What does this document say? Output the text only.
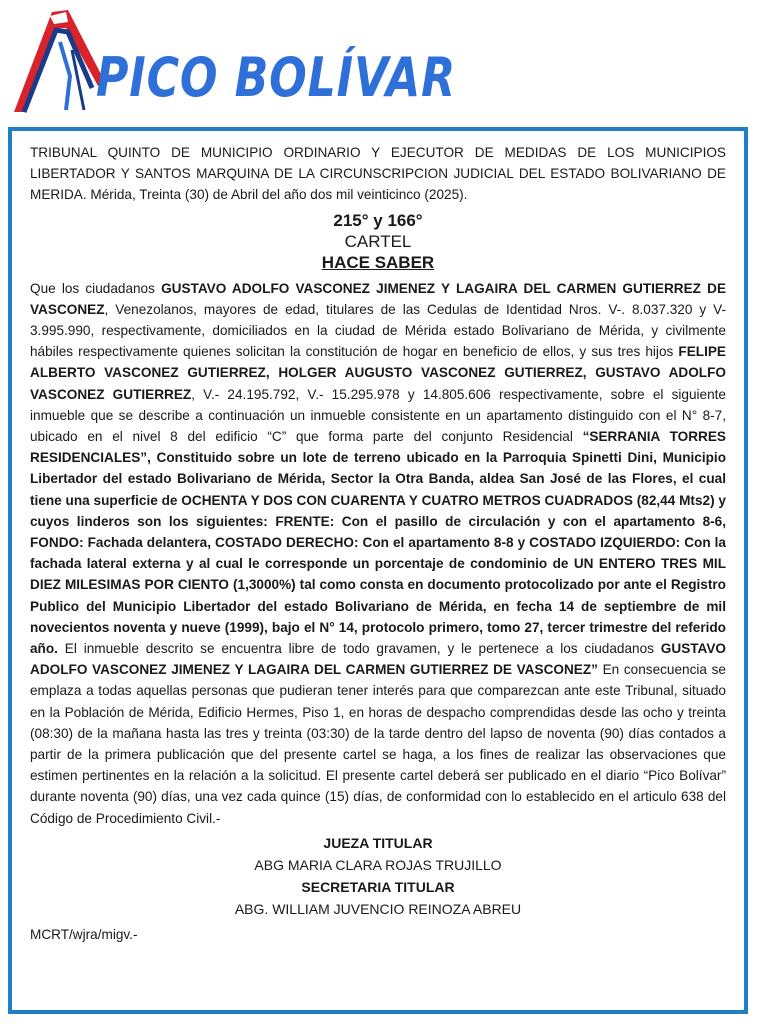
PICO BOLÍVAR

TRIBUNAL QUINTO DE MUNICIPIO ORDINARIO Y EJECUTOR DE MEDIDAS DE LOS MUNICIPIOS LIBERTADOR Y SANTOS MARQUINA DE LA CIRCUNSCRIPCION JUDICIAL DEL ESTADO BOLIVARIANO DE MERIDA. Mérida, Treinta (30) de Abril del año dos mil veinticinco (2025).

215° y 166°
CARTEL
HACE SABER

Que los ciudadanos GUSTAVO ADOLFO VASCONEZ JIMENEZ Y LAGAIRA DEL CARMEN GUTIERREZ DE VASCONEZ, Venezolanos, mayores de edad, titulares de las Cedulas de Identidad Nros. V-. 8.037.320 y V- 3.995.990, respectivamente, domiciliados en la ciudad de Mérida estado Bolivariano de Mérida, y civilmente hábiles respectivamente quienes solicitan la constitución de hogar en beneficio de ellos, y sus tres hijos FELIPE ALBERTO VASCONEZ GUTIERREZ, HOLGER AUGUSTO VASCONEZ GUTIERREZ, GUSTAVO ADOLFO VASCONEZ GUTIERREZ, V.- 24.195.792, V.- 15.295.978 y 14.805.606 respectivamente, sobre el siguiente inmueble que se describe a continuación un inmueble consistente en un apartamento distinguido con el N° 8-7, ubicado en el nivel 8 del edificio “C” que forma parte del conjunto Residencial “SERRANIA TORRES RESIDENCIALES”, Constituido sobre un lote de terreno ubicado en la Parroquia Spinetti Dini, Municipio Libertador del estado Bolivariano de Mérida, Sector la Otra Banda, aldea San José de las Flores, el cual tiene una superficie de OCHENTA Y DOS CON CUARENTA Y CUATRO METROS CUADRADOS (82,44 Mts2) y cuyos linderos son los siguientes: FRENTE: Con el pasillo de circulación y con el apartamento 8-6, FONDO: Fachada delantera, COSTADO DERECHO: Con el apartamento 8-8 y COSTADO IZQUIERDO: Con la fachada lateral externa y al cual le corresponde un porcentaje de condominio de UN ENTERO TRES MIL DIEZ MILESIMAS POR CIENTO (1,3000%) tal como consta en documento protocolizado por ante el Registro Publico del Municipio Libertador del estado Bolivariano de Mérida, en fecha 14 de septiembre de mil novecientos noventa y nueve (1999), bajo el N° 14, protocolo primero, tomo 27, tercer trimestre del referido año. El inmueble descrito se encuentra libre de todo gravamen, y le pertenece a los ciudadanos GUSTAVO ADOLFO VASCONEZ JIMENEZ Y LAGAIRA DEL CARMEN GUTIERREZ DE VASCONEZ” En consecuencia se emplaza a todas aquellas personas que pudieran tener interés para que comparezcan ante este Tribunal, situado en la Población de Mérida, Edificio Hermes, Piso 1, en horas de despacho comprendidas desde las ocho y treinta (08:30) de la mañana hasta las tres y treinta (03:30) de la tarde dentro del lapso de noventa (90) días contados a partir de la primera publicación que del presente cartel se haga, a los fines de realizar las observaciones que estimen pertinentes en la relación a la solicitud. El presente cartel deberá ser publicado en el diario “Pico Bolívar” durante noventa (90) días, una vez cada quince (15) días, de conformidad con lo establecido en el articulo 638 del Código de Procedimiento Civil.-

JUEZA TITULAR
ABG MARIA CLARA ROJAS TRUJILLO
SECRETARIA TITULAR
ABG. WILLIAM JUVENCIO REINOZA ABREU
MCRT/wjra/migv.-
